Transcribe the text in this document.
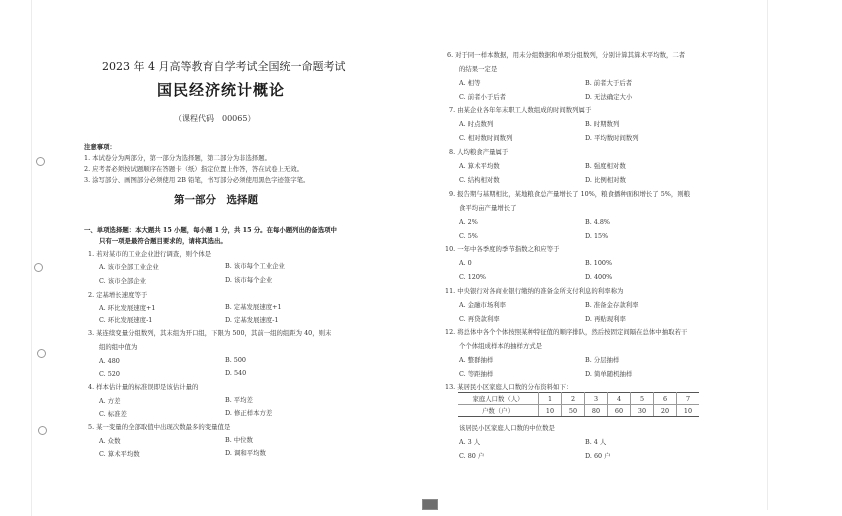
2023 年 4 月高等教育自学考试全国统一命题考试
国民经济统计概论
（课程代码　00065）
注意事项：
1. 本试卷分为两部分，第一部分为选择题，第二部分为非选择题。
2. 应考者必须按试题顺序在答题卡（纸）指定位置上作答，答在试卷上无效。
3. 涂写部分、画图部分必须使用 2B 铅笔，书写部分必须使用黑色字迹签字笔。
第一部分　选择题
一、单项选择题：本大题共 15 小题，每小题 1 分，共 15 分。在每小题列出的备选项中
只有一项是最符合题目要求的，请将其选出。
1. 若对某市的工业企业进行调查，则个体是
A. 该市全部工业企业	B. 该市每个工业企业
C. 该市全部企业	D. 该市每个企业
2. 定基增长速度等于
A. 环比发展速度+1	B. 定基发展速度+1
C. 环比发展速度-1	D. 定基发展速度-1
3. 某连续变量分组数列，其末组为开口组，下限为 500，其前一组的组距为 40，则末
组的组中值为
A. 480	B. 500
C. 520	D. 540
4. 样本估计量的标准误即是该估计量的
A. 方差	B. 平均差
C. 标准差	D. 修正样本方差
5. 某一变量的全部取值中出现次数最多的变量值是
A. 众数	B. 中位数
C. 算术平均数	D. 调和平均数
6. 对于同一样本数据，用未分组数据和单项分组数列，分别计算其算术平均数，二者
的结果一定是
A. 相等	B. 前者大于后者
C. 前者小于后者	D. 无法确定大小
7. 由某企业各年年末职工人数组成的时间数列属于
A. 时点数列	B. 时期数列
C. 相对数时间数列	D. 平均数时间数列
8. 人均粮食产量属于
A. 算术平均数	B. 强度相对数
C. 结构相对数	D. 比例相对数
9. 报告期与基期相比，某地粮食总产量增长了 10%，粮食播种面积增长了 5%，则粮
食平均亩产量增长了
A. 2%	B. 4.8%
C. 5%	D. 15%
10. 一年中各季度的季节指数之和应等于
A. 0	B. 100%
C. 120%	D. 400%
11. 中央银行对各商业银行缴纳的准备金所支付利息的利率称为
A. 金融市场利率	B. 准备金存款利率
C. 再贷款利率	D. 再贴现利率
12. 将总体中各个个体按照某种特征值的顺序排队，然后按固定间隔在总体中抽取若干
个个体组成样本的抽样方式是
A. 整群抽样	B. 分层抽样
C. 等距抽样	D. 简单随机抽样
13. 某居民小区家庭人口数的分布资料如下：
家庭人口数（人）	1	2	3	4	5	6	7
户数（户）	10	50	80	60	30	20	10
该居民小区家庭人口数的中位数是
A. 3 人	B. 4 人
C. 80 户	D. 60 户
